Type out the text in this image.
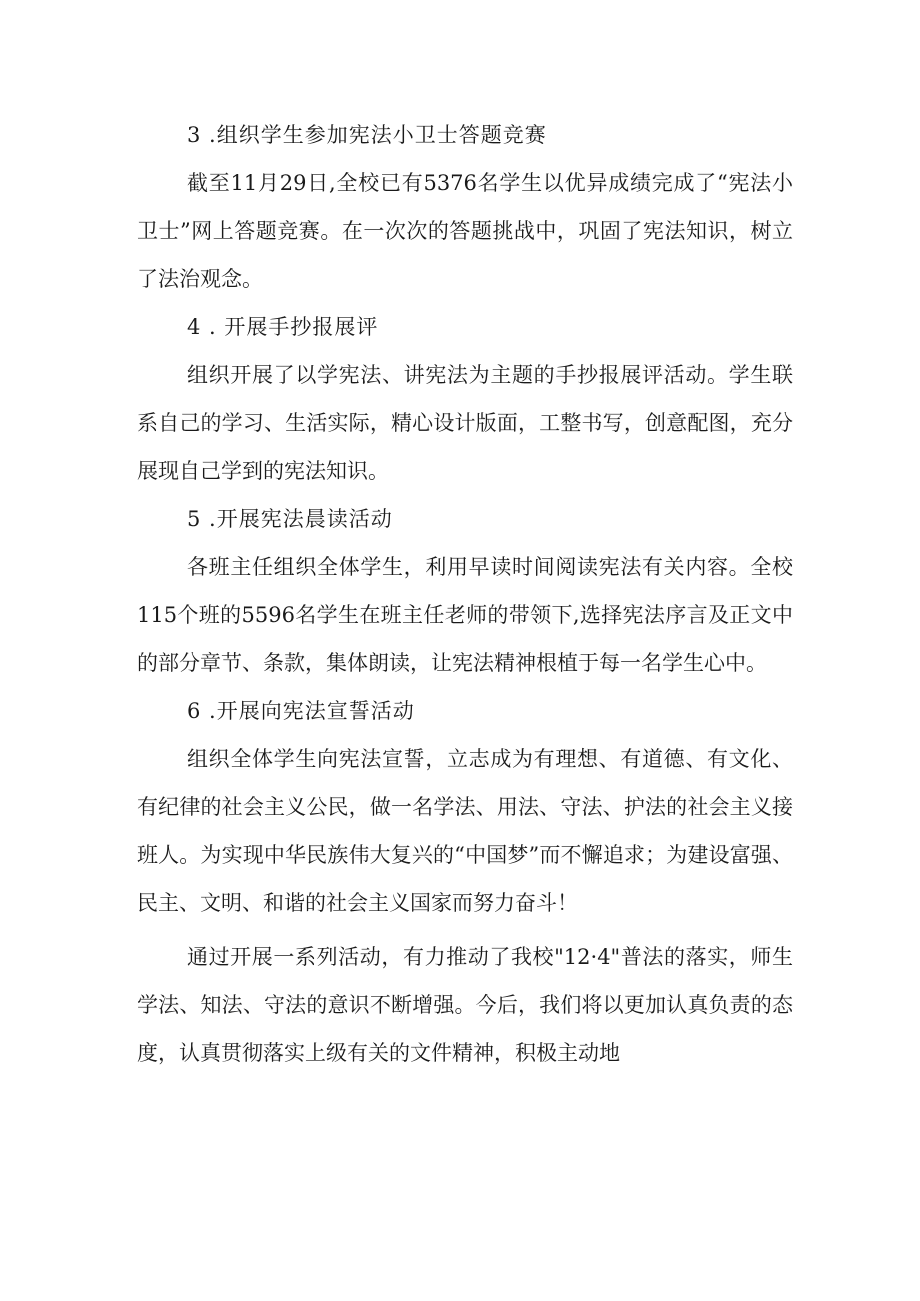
3 .组织学生参加宪法小卫士答题竞赛

截至11月29日,全校已有5376名学生以优异成绩完成了“宪法小卫士”网上答题竞赛。在一次次的答题挑战中，巩固了宪法知识，树立了法治观念。

4 . 开展手抄报展评

组织开展了以学宪法、讲宪法为主题的手抄报展评活动。学生联系自己的学习、生活实际，精心设计版面，工整书写，创意配图，充分展现自己学到的宪法知识。

5 .开展宪法晨读活动

各班主任组织全体学生，利用早读时间阅读宪法有关内容。全校115个班的5596名学生在班主任老师的带领下,选择宪法序言及正文中的部分章节、条款，集体朗读，让宪法精神根植于每一名学生心中。

6 .开展向宪法宣誓活动

组织全体学生向宪法宣誓，立志成为有理想、有道德、有文化、有纪律的社会主义公民，做一名学法、用法、守法、护法的社会主义接班人。为实现中华民族伟大复兴的“中国梦”而不懈追求；为建设富强、民主、文明、和谐的社会主义国家而努力奋斗！

通过开展一系列活动，有力推动了我校"12·4"普法的落实，师生学法、知法、守法的意识不断增强。今后，我们将以更加认真负责的态度，认真贯彻落实上级有关的文件精神，积极主动地
